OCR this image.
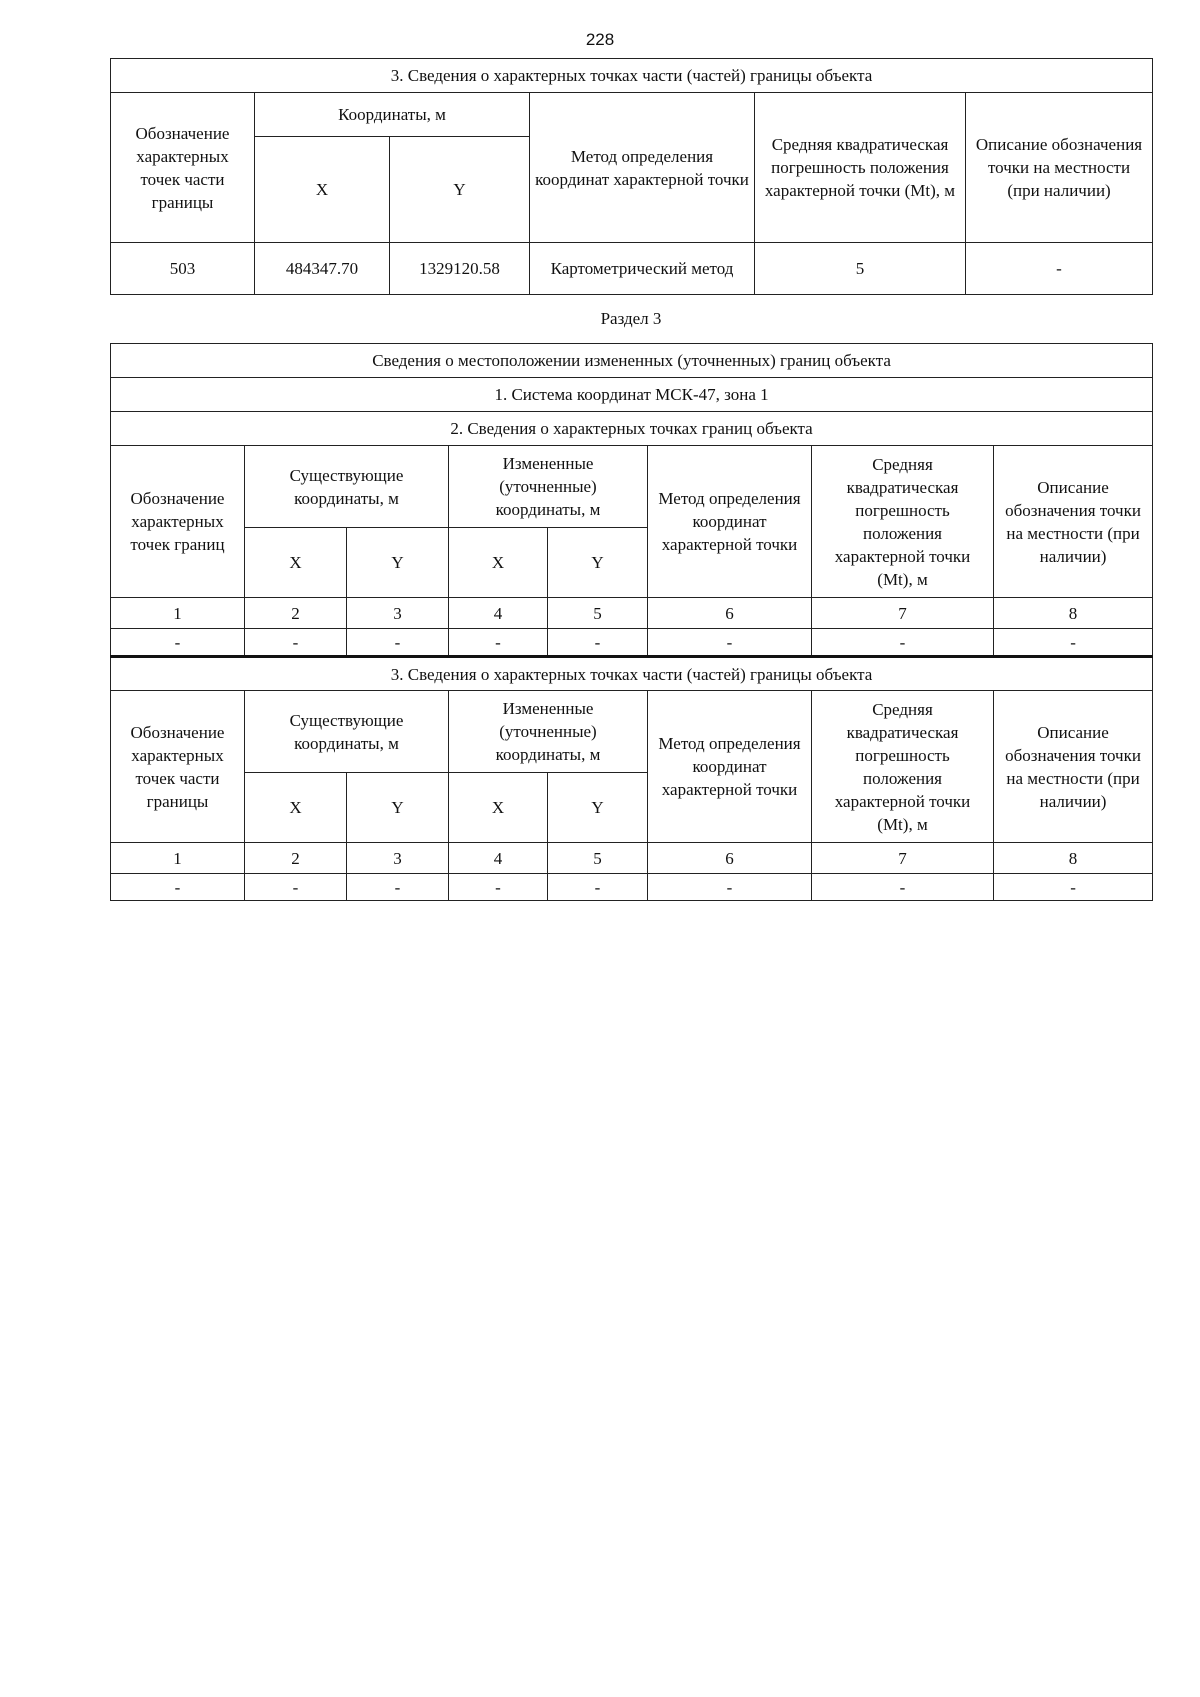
228
3. Сведения о характерных точках части (частей) границы объекта					
Обозначение характерных точек части границы	Координаты, м		Метод определения координат характерной точки	Средняя квадратическая погрешность положения характерной точки (Mt), м	Описание обозначения точки на местности (при наличии)
	X	Y			
503	484347.70	1329120.58	Картометрический метод	5	-
Раздел 3
Сведения о местоположении измененных (уточненных) границ объекта							
1. Система координат МСК-47, зона 1							
2. Сведения о характерных точках границ объекта							
Обозначение характерных точек границ	Существующие координаты, м		Измененные (уточненные) координаты, м		Метод определения координат характерной точки	Средняя квадратическая погрешность положения характерной точки (Mt), м	Описание обозначения точки на местности (при наличии)
	X	Y	X	Y			
1	2	3	4	5	6	7	8
-	-	-	-	-	-	-	-
3. Сведения о характерных точках части (частей) границы объекта							
Обозначение характерных точек части границы	Существующие координаты, м		Измененные (уточненные) координаты, м		Метод определения координат характерной точки	Средняя квадратическая погрешность положения характерной точки (Mt), м	Описание обозначения точки на местности (при наличии)
	X	Y	X	Y			
1	2	3	4	5	6	7	8
-	-	-	-	-	-	-	-
